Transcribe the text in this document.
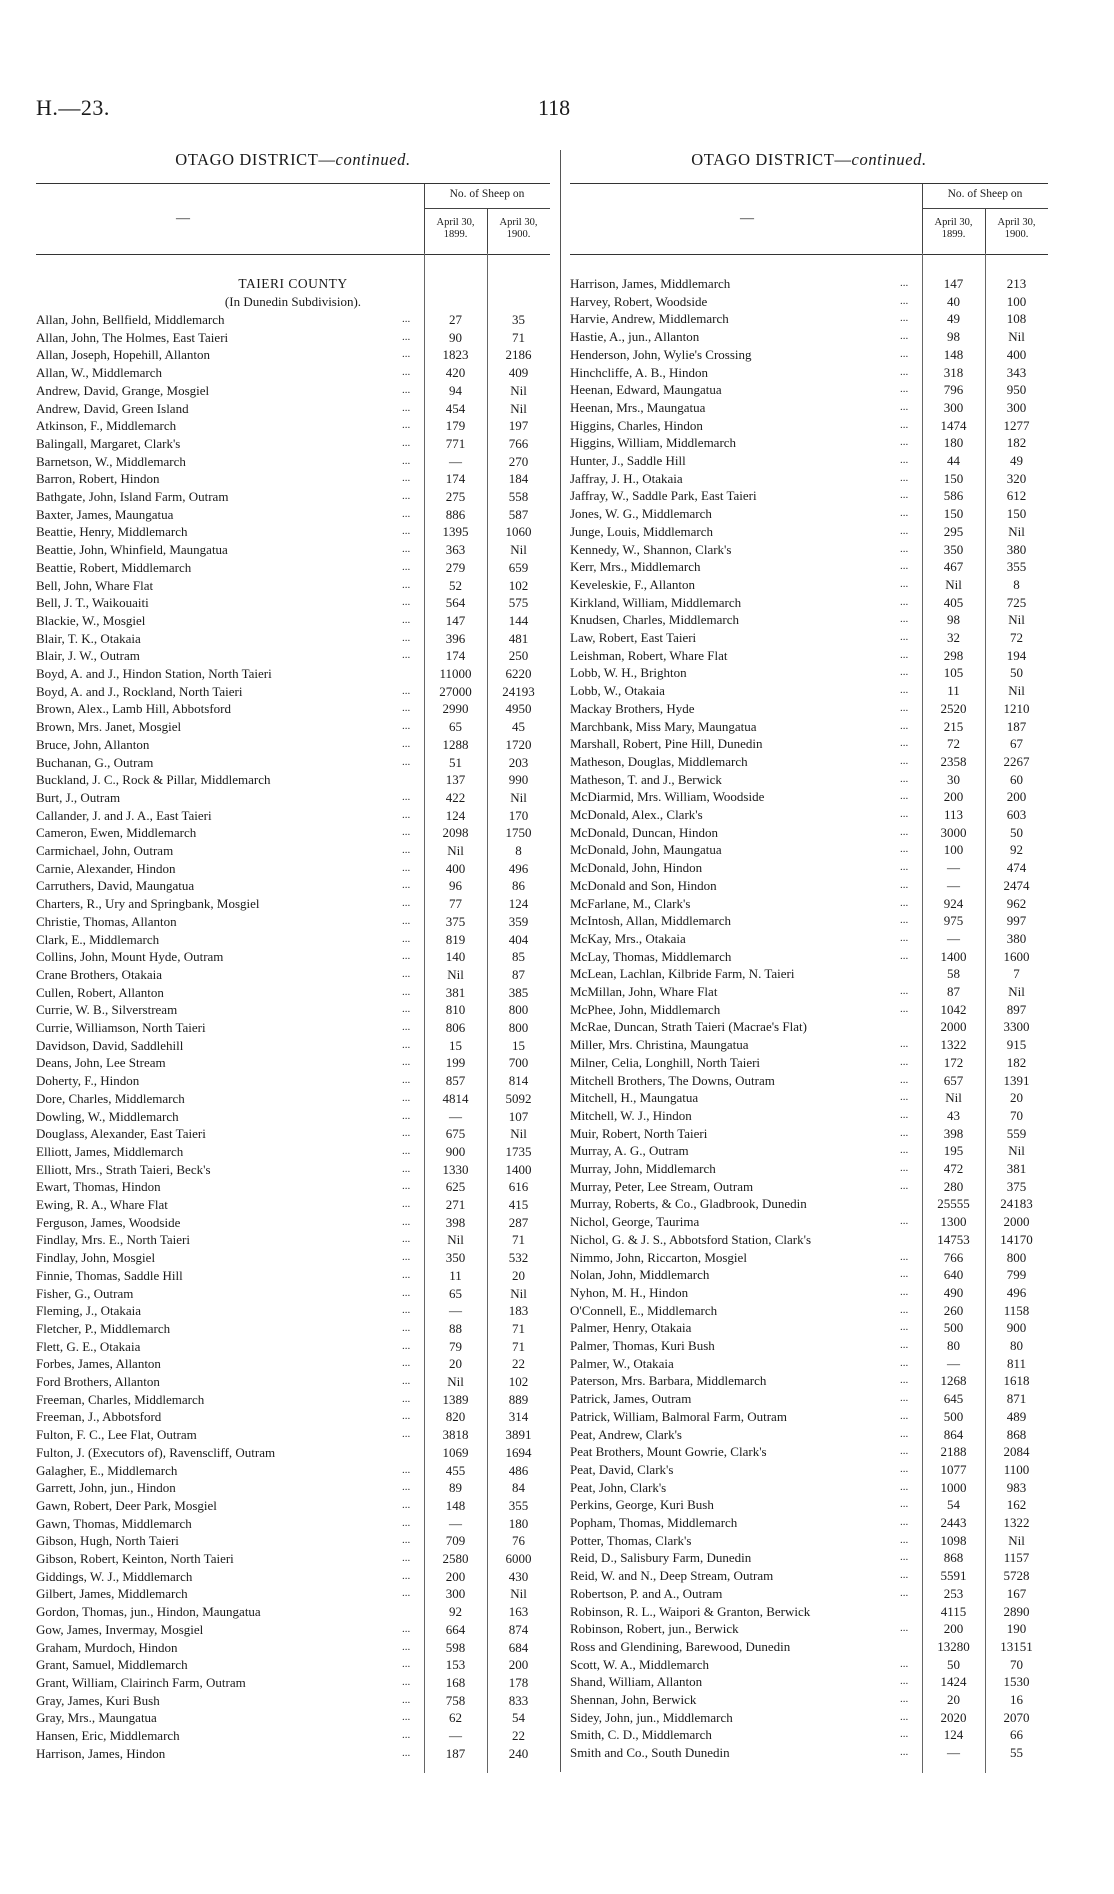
H.—23.	118
OTAGO DISTRICT—continued.
—
No. of Sheep on
April 30,
1899.
April 30,
1900.
TAIERI COUNTY
(In Dunedin Subdivision).
Allan, John, Bellfield, Middlemarch	...	27	35
Allan, John, The Holmes, East Taieri	...	90	71
Allan, Joseph, Hopehill, Allanton	...	1823	2186
Allan, W., Middlemarch	...	420	409
Andrew, David, Grange, Mosgiel	...	94	Nil
Andrew, David, Green Island	...	454	Nil
Atkinson, F., Middlemarch	...	179	197
Balingall, Margaret, Clark's	...	771	766
Barnetson, W., Middlemarch	...	—	270
Barron, Robert, Hindon	...	174	184
Bathgate, John, Island Farm, Outram	...	275	558
Baxter, James, Maungatua	...	886	587
Beattie, Henry, Middlemarch	...	1395	1060
Beattie, John, Whinfield, Maungatua	...	363	Nil
Beattie, Robert, Middlemarch	...	279	659
Bell, John, Whare Flat	...	52	102
Bell, J. T., Waikouaiti	...	564	575
Blackie, W., Mosgiel	...	147	144
Blair, T. K., Otakaia	...	396	481
Blair, J. W., Outram	...	174	250
Boyd, A. and J., Hindon Station, North Taieri	11000	6220
Boyd, A. and J., Rockland, North Taieri	...	27000	24193
Brown, Alex., Lamb Hill, Abbotsford	...	2990	4950
Brown, Mrs. Janet, Mosgiel	...	65	45
Bruce, John, Allanton	...	1288	1720
Buchanan, G., Outram	...	51	203
Buckland, J. C., Rock & Pillar, Middlemarch	137	990
Burt, J., Outram	...	422	Nil
Callander, J. and J. A., East Taieri	...	124	170
Cameron, Ewen, Middlemarch	...	2098	1750
Carmichael, John, Outram	...	Nil	8
Carnie, Alexander, Hindon	...	400	496
Carruthers, David, Maungatua	...	96	86
Charters, R., Ury and Springbank, Mosgiel	...	77	124
Christie, Thomas, Allanton	...	375	359
Clark, E., Middlemarch	...	819	404
Collins, John, Mount Hyde, Outram	...	140	85
Crane Brothers, Otakaia	...	Nil	87
Cullen, Robert, Allanton	...	381	385
Currie, W. B., Silverstream	...	810	800
Currie, Williamson, North Taieri	...	806	800
Davidson, David, Saddlehill	...	15	15
Deans, John, Lee Stream	...	199	700
Doherty, F., Hindon	...	857	814
Dore, Charles, Middlemarch	...	4814	5092
Dowling, W., Middlemarch	...	—	107
Douglass, Alexander, East Taieri	...	675	Nil
Elliott, James, Middlemarch	...	900	1735
Elliott, Mrs., Strath Taieri, Beck's	...	1330	1400
Ewart, Thomas, Hindon	...	625	616
Ewing, R. A., Whare Flat	...	271	415
Ferguson, James, Woodside	...	398	287
Findlay, Mrs. E., North Taieri	...	Nil	71
Findlay, John, Mosgiel	...	350	532
Finnie, Thomas, Saddle Hill	...	11	20
Fisher, G., Outram	...	65	Nil
Fleming, J., Otakaia	...	—	183
Fletcher, P., Middlemarch	...	88	71
Flett, G. E., Otakaia	...	79	71
Forbes, James, Allanton	...	20	22
Ford Brothers, Allanton	...	Nil	102
Freeman, Charles, Middlemarch	...	1389	889
Freeman, J., Abbotsford	...	820	314
Fulton, F. C., Lee Flat, Outram	...	3818	3891
Fulton, J. (Executors of), Ravenscliff, Outram	1069	1694
Galagher, E., Middlemarch	...	455	486
Garrett, John, jun., Hindon	...	89	84
Gawn, Robert, Deer Park, Mosgiel	...	148	355
Gawn, Thomas, Middlemarch	...	—	180
Gibson, Hugh, North Taieri	...	709	76
Gibson, Robert, Keinton, North Taieri	...	2580	6000
Giddings, W. J., Middlemarch	...	200	430
Gilbert, James, Middlemarch	...	300	Nil
Gordon, Thomas, jun., Hindon, Maungatua	92	163
Gow, James, Invermay, Mosgiel	...	664	874
Graham, Murdoch, Hindon	...	598	684
Grant, Samuel, Middlemarch	...	153	200
Grant, William, Clairinch Farm, Outram	...	168	178
Gray, James, Kuri Bush	...	758	833
Gray, Mrs., Maungatua	...	62	54
Hansen, Eric, Middlemarch	...	—	22
Harrison, James, Hindon	...	187	240
OTAGO DISTRICT—continued.
—
No. of Sheep on
April 30,
1899.
April 30,
1900.
Harrison, James, Middlemarch	...	147	213
Harvey, Robert, Woodside	...	40	100
Harvie, Andrew, Middlemarch	...	49	108
Hastie, A., jun., Allanton	...	98	Nil
Henderson, John, Wylie's Crossing	...	148	400
Hinchcliffe, A. B., Hindon	...	318	343
Heenan, Edward, Maungatua	...	796	950
Heenan, Mrs., Maungatua	...	300	300
Higgins, Charles, Hindon	...	1474	1277
Higgins, William, Middlemarch	...	180	182
Hunter, J., Saddle Hill	...	44	49
Jaffray, J. H., Otakaia	...	150	320
Jaffray, W., Saddle Park, East Taieri	...	586	612
Jones, W. G., Middlemarch	...	150	150
Junge, Louis, Middlemarch	...	295	Nil
Kennedy, W., Shannon, Clark's	...	350	380
Kerr, Mrs., Middlemarch	...	467	355
Keveleskie, F., Allanton	...	Nil	8
Kirkland, William, Middlemarch	...	405	725
Knudsen, Charles, Middlemarch	...	98	Nil
Law, Robert, East Taieri	...	32	72
Leishman, Robert, Whare Flat	...	298	194
Lobb, W. H., Brighton	...	105	50
Lobb, W., Otakaia	...	11	Nil
Mackay Brothers, Hyde	...	2520	1210
Marchbank, Miss Mary, Maungatua	...	215	187
Marshall, Robert, Pine Hill, Dunedin	...	72	67
Matheson, Douglas, Middlemarch	...	2358	2267
Matheson, T. and J., Berwick	...	30	60
McDiarmid, Mrs. William, Woodside	...	200	200
McDonald, Alex., Clark's	...	113	603
McDonald, Duncan, Hindon	...	3000	50
McDonald, John, Maungatua	...	100	92
McDonald, John, Hindon	...	—	474
McDonald and Son, Hindon	...	—	2474
McFarlane, M., Clark's	...	924	962
McIntosh, Allan, Middlemarch	...	975	997
McKay, Mrs., Otakaia	...	—	380
McLay, Thomas, Middlemarch	...	1400	1600
McLean, Lachlan, Kilbride Farm, N. Taieri	58	7
McMillan, John, Whare Flat	...	87	Nil
McPhee, John, Middlemarch	...	1042	897
McRae, Duncan, Strath Taieri (Macrae's Flat)	2000	3300
Miller, Mrs. Christina, Maungatua	...	1322	915
Milner, Celia, Longhill, North Taieri	...	172	182
Mitchell Brothers, The Downs, Outram	...	657	1391
Mitchell, H., Maungatua	...	Nil	20
Mitchell, W. J., Hindon	...	43	70
Muir, Robert, North Taieri	...	398	559
Murray, A. G., Outram	...	195	Nil
Murray, John, Middlemarch	...	472	381
Murray, Peter, Lee Stream, Outram	...	280	375
Murray, Roberts, & Co., Gladbrook, Dunedin	25555	24183
Nichol, George, Taurima	...	1300	2000
Nichol, G. & J. S., Abbotsford Station, Clark's	14753	14170
Nimmo, John, Riccarton, Mosgiel	...	766	800
Nolan, John, Middlemarch	...	640	799
Nyhon, M. H., Hindon	...	490	496
O'Connell, E., Middlemarch	...	260	1158
Palmer, Henry, Otakaia	...	500	900
Palmer, Thomas, Kuri Bush	...	80	80
Palmer, W., Otakaia	...	—	811
Paterson, Mrs. Barbara, Middlemarch	...	1268	1618
Patrick, James, Outram	...	645	871
Patrick, William, Balmoral Farm, Outram	...	500	489
Peat, Andrew, Clark's	...	864	868
Peat Brothers, Mount Gowrie, Clark's	...	2188	2084
Peat, David, Clark's	...	1077	1100
Peat, John, Clark's	...	1000	983
Perkins, George, Kuri Bush	...	54	162
Popham, Thomas, Middlemarch	...	2443	1322
Potter, Thomas, Clark's	...	1098	Nil
Reid, D., Salisbury Farm, Dunedin	...	868	1157
Reid, W. and N., Deep Stream, Outram	...	5591	5728
Robertson, P. and A., Outram	...	253	167
Robinson, R. L., Waipori & Granton, Berwick	4115	2890
Robinson, Robert, jun., Berwick	...	200	190
Ross and Glendining, Barewood, Dunedin	13280	13151
Scott, W. A., Middlemarch	...	50	70
Shand, William, Allanton	...	1424	1530
Shennan, John, Berwick	...	20	16
Sidey, John, jun., Middlemarch	...	2020	2070
Smith, C. D., Middlemarch	...	124	66
Smith and Co., South Dunedin	...	—	55
